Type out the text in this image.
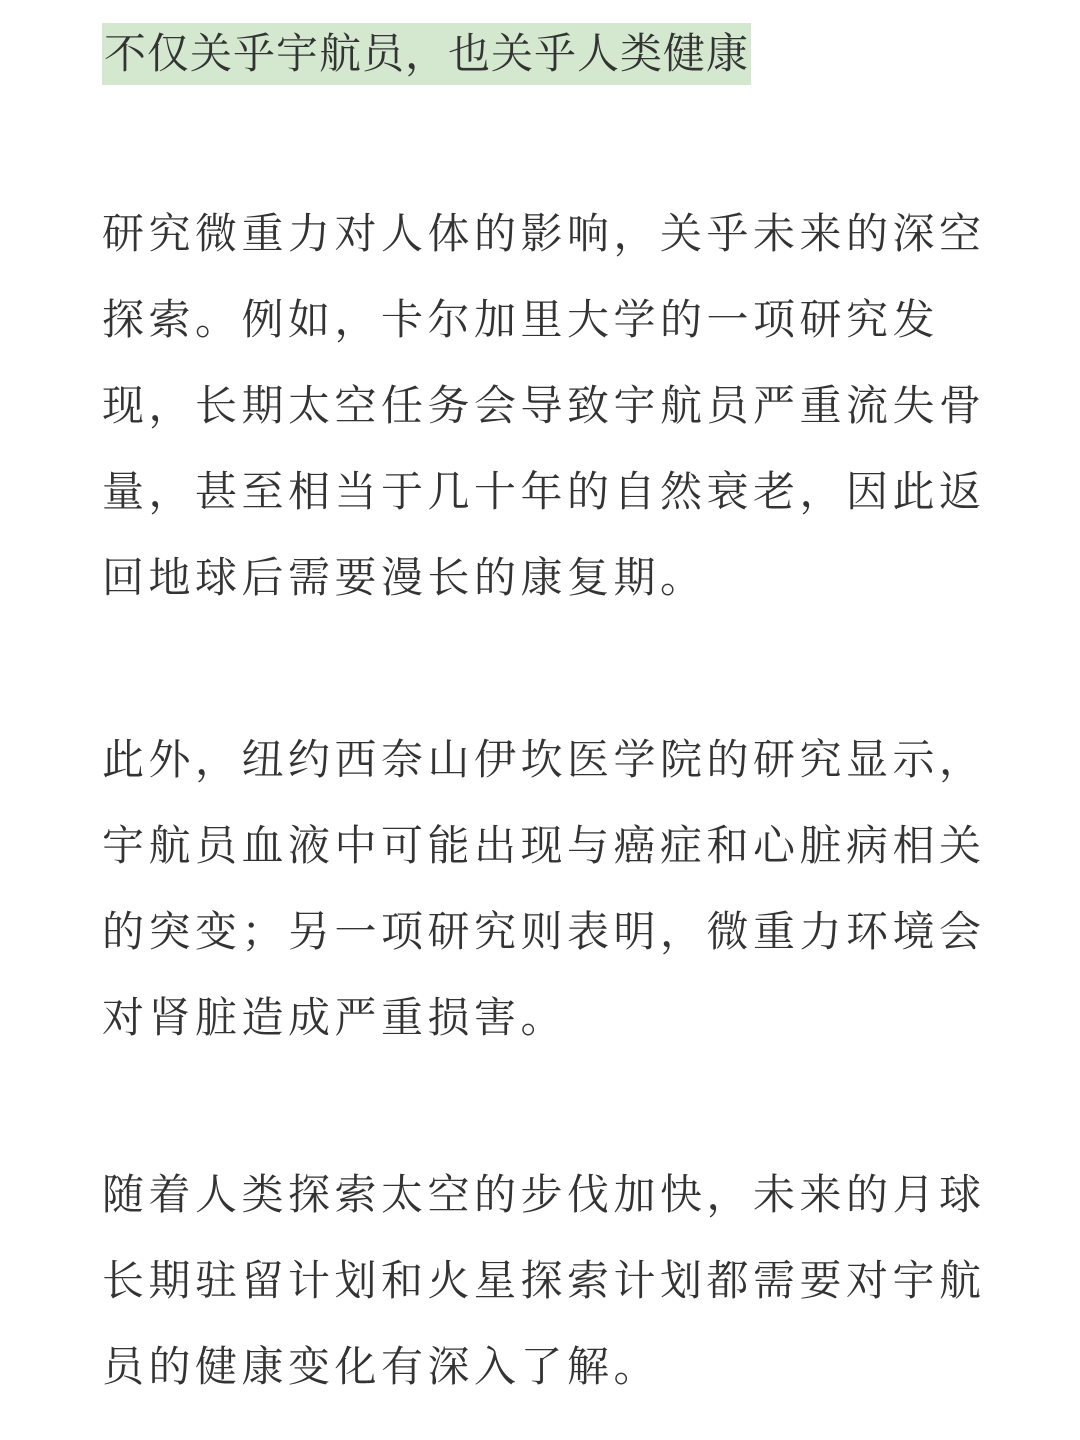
不仅关乎宇航员，也关乎人类健康
研究微重力对人体的影响，关乎未来的深空
探索。例如，卡尔加里大学的一项研究发
现，长期太空任务会导致宇航员严重流失骨
量，甚至相当于几十年的自然衰老，因此返
回地球后需要漫长的康复期。
此外，纽约西奈山伊坎医学院的研究显示，
宇航员血液中可能出现与癌症和心脏病相关
的突变；另一项研究则表明，微重力环境会
对肾脏造成严重损害。
随着人类探索太空的步伐加快，未来的月球
长期驻留计划和火星探索计划都需要对宇航
员的健康变化有深入了解。
